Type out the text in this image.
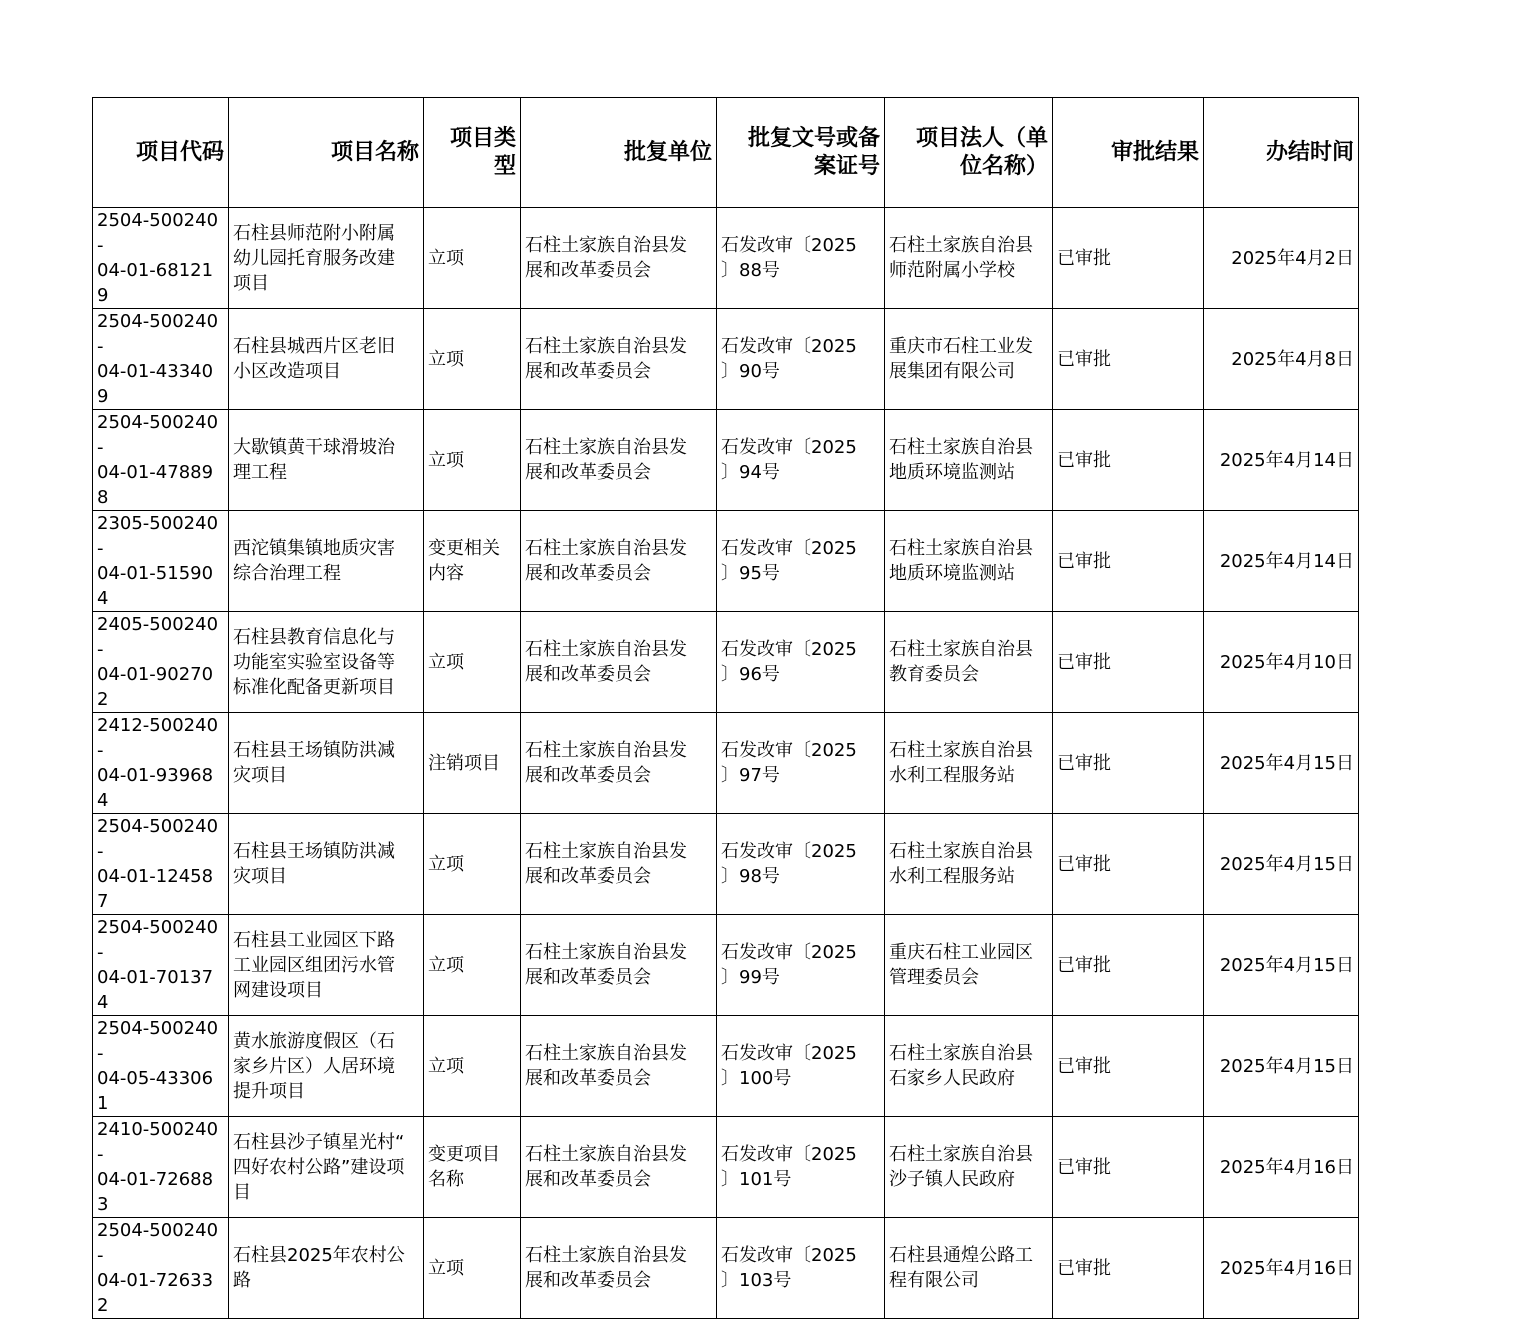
项目代码	项目名称	项目类
型	批复单位	批复文号或备
案证号	项目法人（单
位名称）	审批结果	办结时间
2504-500240-
04-01-681219	石柱县师范附小附属
幼儿园托育服务改建
项目	立项	石柱土家族自治县发
展和改革委员会	石发改审〔2025
〕88号	石柱土家族自治县
师范附属小学校	已审批	2025年4月2日
2504-500240-
04-01-433409	石柱县城西片区老旧
小区改造项目	立项	石柱土家族自治县发
展和改革委员会	石发改审〔2025
〕90号	重庆市石柱工业发
展集团有限公司	已审批	2025年4月8日
2504-500240-
04-01-478898	大歇镇黄干球滑坡治
理工程	立项	石柱土家族自治县发
展和改革委员会	石发改审〔2025
〕94号	石柱土家族自治县
地质环境监测站	已审批	2025年4月14日
2305-500240-
04-01-515904	西沱镇集镇地质灾害
综合治理工程	变更相关
内容	石柱土家族自治县发
展和改革委员会	石发改审〔2025
〕95号	石柱土家族自治县
地质环境监测站	已审批	2025年4月14日
2405-500240-
04-01-902702	石柱县教育信息化与
功能室实验室设备等
标准化配备更新项目	立项	石柱土家族自治县发
展和改革委员会	石发改审〔2025
〕96号	石柱土家族自治县
教育委员会	已审批	2025年4月10日
2412-500240-
04-01-939684	石柱县王场镇防洪减
灾项目	注销项目	石柱土家族自治县发
展和改革委员会	石发改审〔2025
〕97号	石柱土家族自治县
水利工程服务站	已审批	2025年4月15日
2504-500240-
04-01-124587	石柱县王场镇防洪减
灾项目	立项	石柱土家族自治县发
展和改革委员会	石发改审〔2025
〕98号	石柱土家族自治县
水利工程服务站	已审批	2025年4月15日
2504-500240-
04-01-701374	石柱县工业园区下路
工业园区组团污水管
网建设项目	立项	石柱土家族自治县发
展和改革委员会	石发改审〔2025
〕99号	重庆石柱工业园区
管理委员会	已审批	2025年4月15日
2504-500240-
04-05-433061	黄水旅游度假区（石
家乡片区）人居环境
提升项目	立项	石柱土家族自治县发
展和改革委员会	石发改审〔2025
〕100号	石柱土家族自治县
石家乡人民政府	已审批	2025年4月15日
2410-500240-
04-01-726883	石柱县沙子镇星光村“
四好农村公路”建设项
目	变更项目
名称	石柱土家族自治县发
展和改革委员会	石发改审〔2025
〕101号	石柱土家族自治县
沙子镇人民政府	已审批	2025年4月16日
2504-500240-
04-01-726332	石柱县2025年农村公
路	立项	石柱土家族自治县发
展和改革委员会	石发改审〔2025
〕103号	石柱县通煌公路工
程有限公司	已审批	2025年4月16日
